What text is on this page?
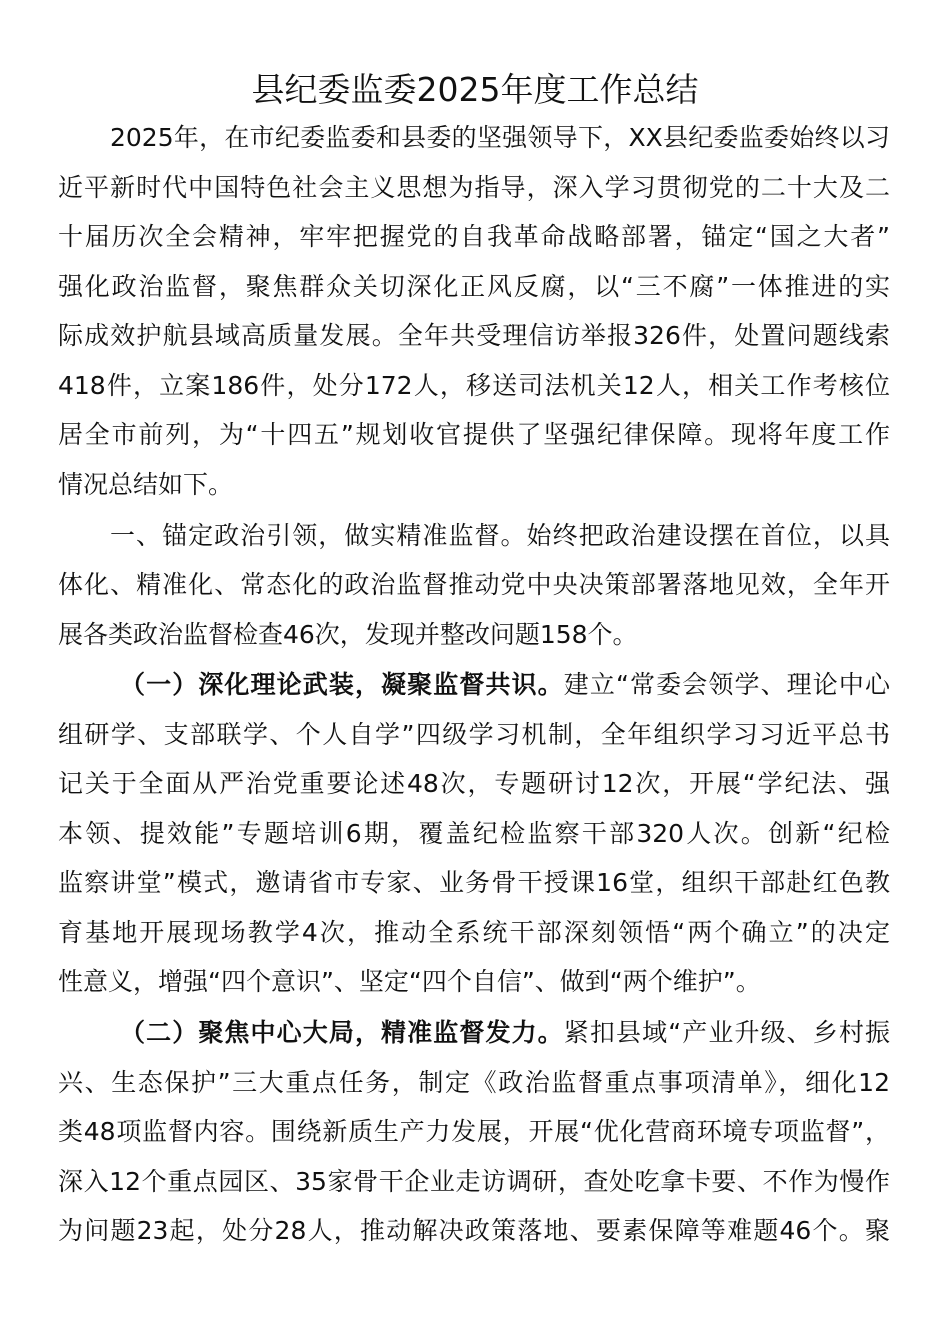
县纪委监委2025年度工作总结
2025年，在市纪委监委和县委的坚强领导下，XX县纪委监委始终以习
近平新时代中国特色社会主义思想为指导，深入学习贯彻党的二十大及二
十届历次全会精神，牢牢把握党的自我革命战略部署，锚定“国之大者”
强化政治监督，聚焦群众关切深化正风反腐，以“三不腐”一体推进的实
际成效护航县域高质量发展。全年共受理信访举报326件，处置问题线索
418件，立案186件，处分172人，移送司法机关12人，相关工作考核位
居全市前列，为“十四五”规划收官提供了坚强纪律保障。现将年度工作
情况总结如下。
一、锚定政治引领，做实精准监督。始终把政治建设摆在首位，以具
体化、精准化、常态化的政治监督推动党中央决策部署落地见效，全年开
展各类政治监督检查46次，发现并整改问题158个。
（一）深化理论武装，凝聚监督共识。建立“常委会领学、理论中心
组研学、支部联学、个人自学”四级学习机制，全年组织学习习近平总书
记关于全面从严治党重要论述48次，专题研讨12次，开展“学纪法、强
本领、提效能”专题培训6期，覆盖纪检监察干部320人次。创新“纪检
监察讲堂”模式，邀请省市专家、业务骨干授课16堂，组织干部赴红色教
育基地开展现场教学4次，推动全系统干部深刻领悟“两个确立”的决定
性意义，增强“四个意识”、坚定“四个自信”、做到“两个维护”。
（二）聚焦中心大局，精准监督发力。紧扣县域“产业升级、乡村振
兴、生态保护”三大重点任务，制定《政治监督重点事项清单》，细化12
类48项监督内容。围绕新质生产力发展，开展“优化营商环境专项监督”，
深入12个重点园区、35家骨干企业走访调研，查处吃拿卡要、不作为慢作
为问题23起，处分28人，推动解决政策落地、要素保障等难题46个。聚
